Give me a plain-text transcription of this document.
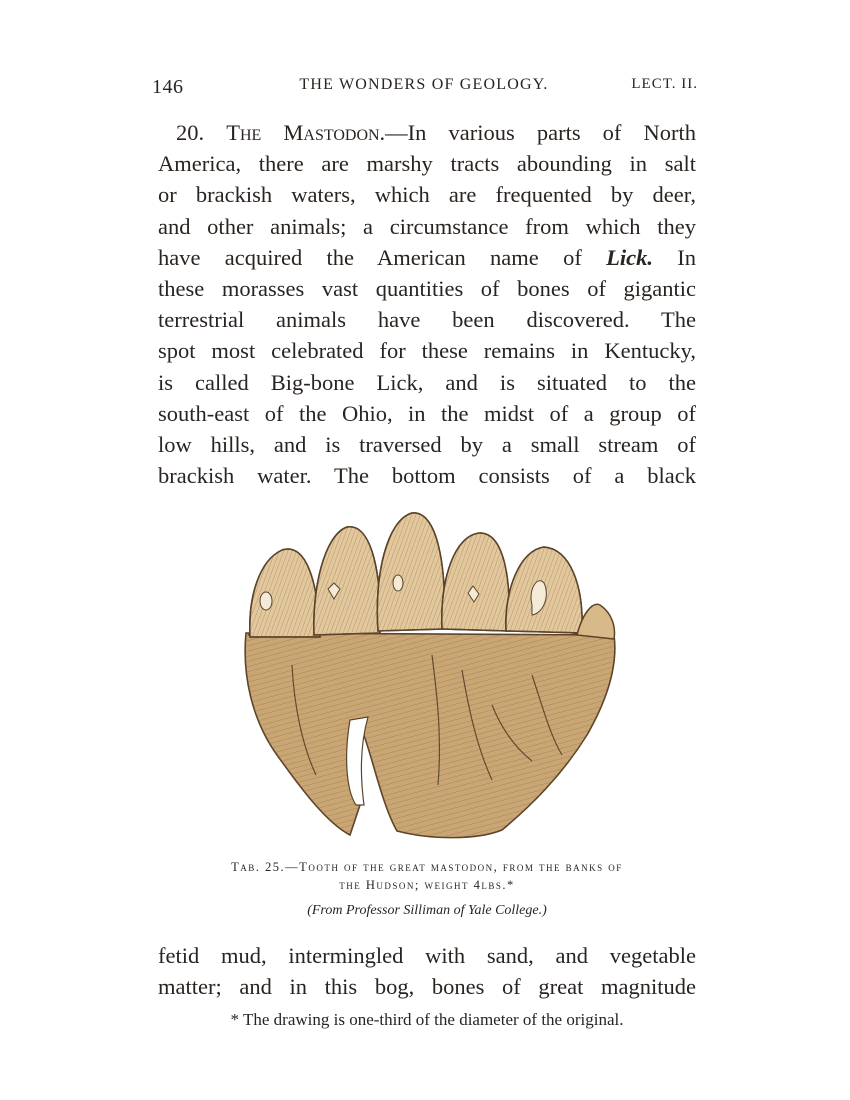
146	THE WONDERS OF GEOLOGY.	LECT. II.
20. The Mastodon.—In various parts of North
America, there are marshy tracts abounding in salt
or brackish waters, which are frequented by deer,
and other animals; a circumstance from which they
have acquired the American name of Lick. In
these morasses vast quantities of bones of gigantic
terrestrial animals have been discovered. The
spot most celebrated for these remains in Kentucky,
is called Big-bone Lick, and is situated to the
south-east of the Ohio, in the midst of a group of
low hills, and is traversed by a small stream of
brackish water. The bottom consists of a black
Tab. 25.—Tooth of the great mastodon, from the banks of
the Hudson; weight 4lbs.*
(From Professor Silliman of Yale College.)
fetid mud, intermingled with sand, and vegetable
matter; and in this bog, bones of great magnitude
* The drawing is one-third of the diameter of the original.
